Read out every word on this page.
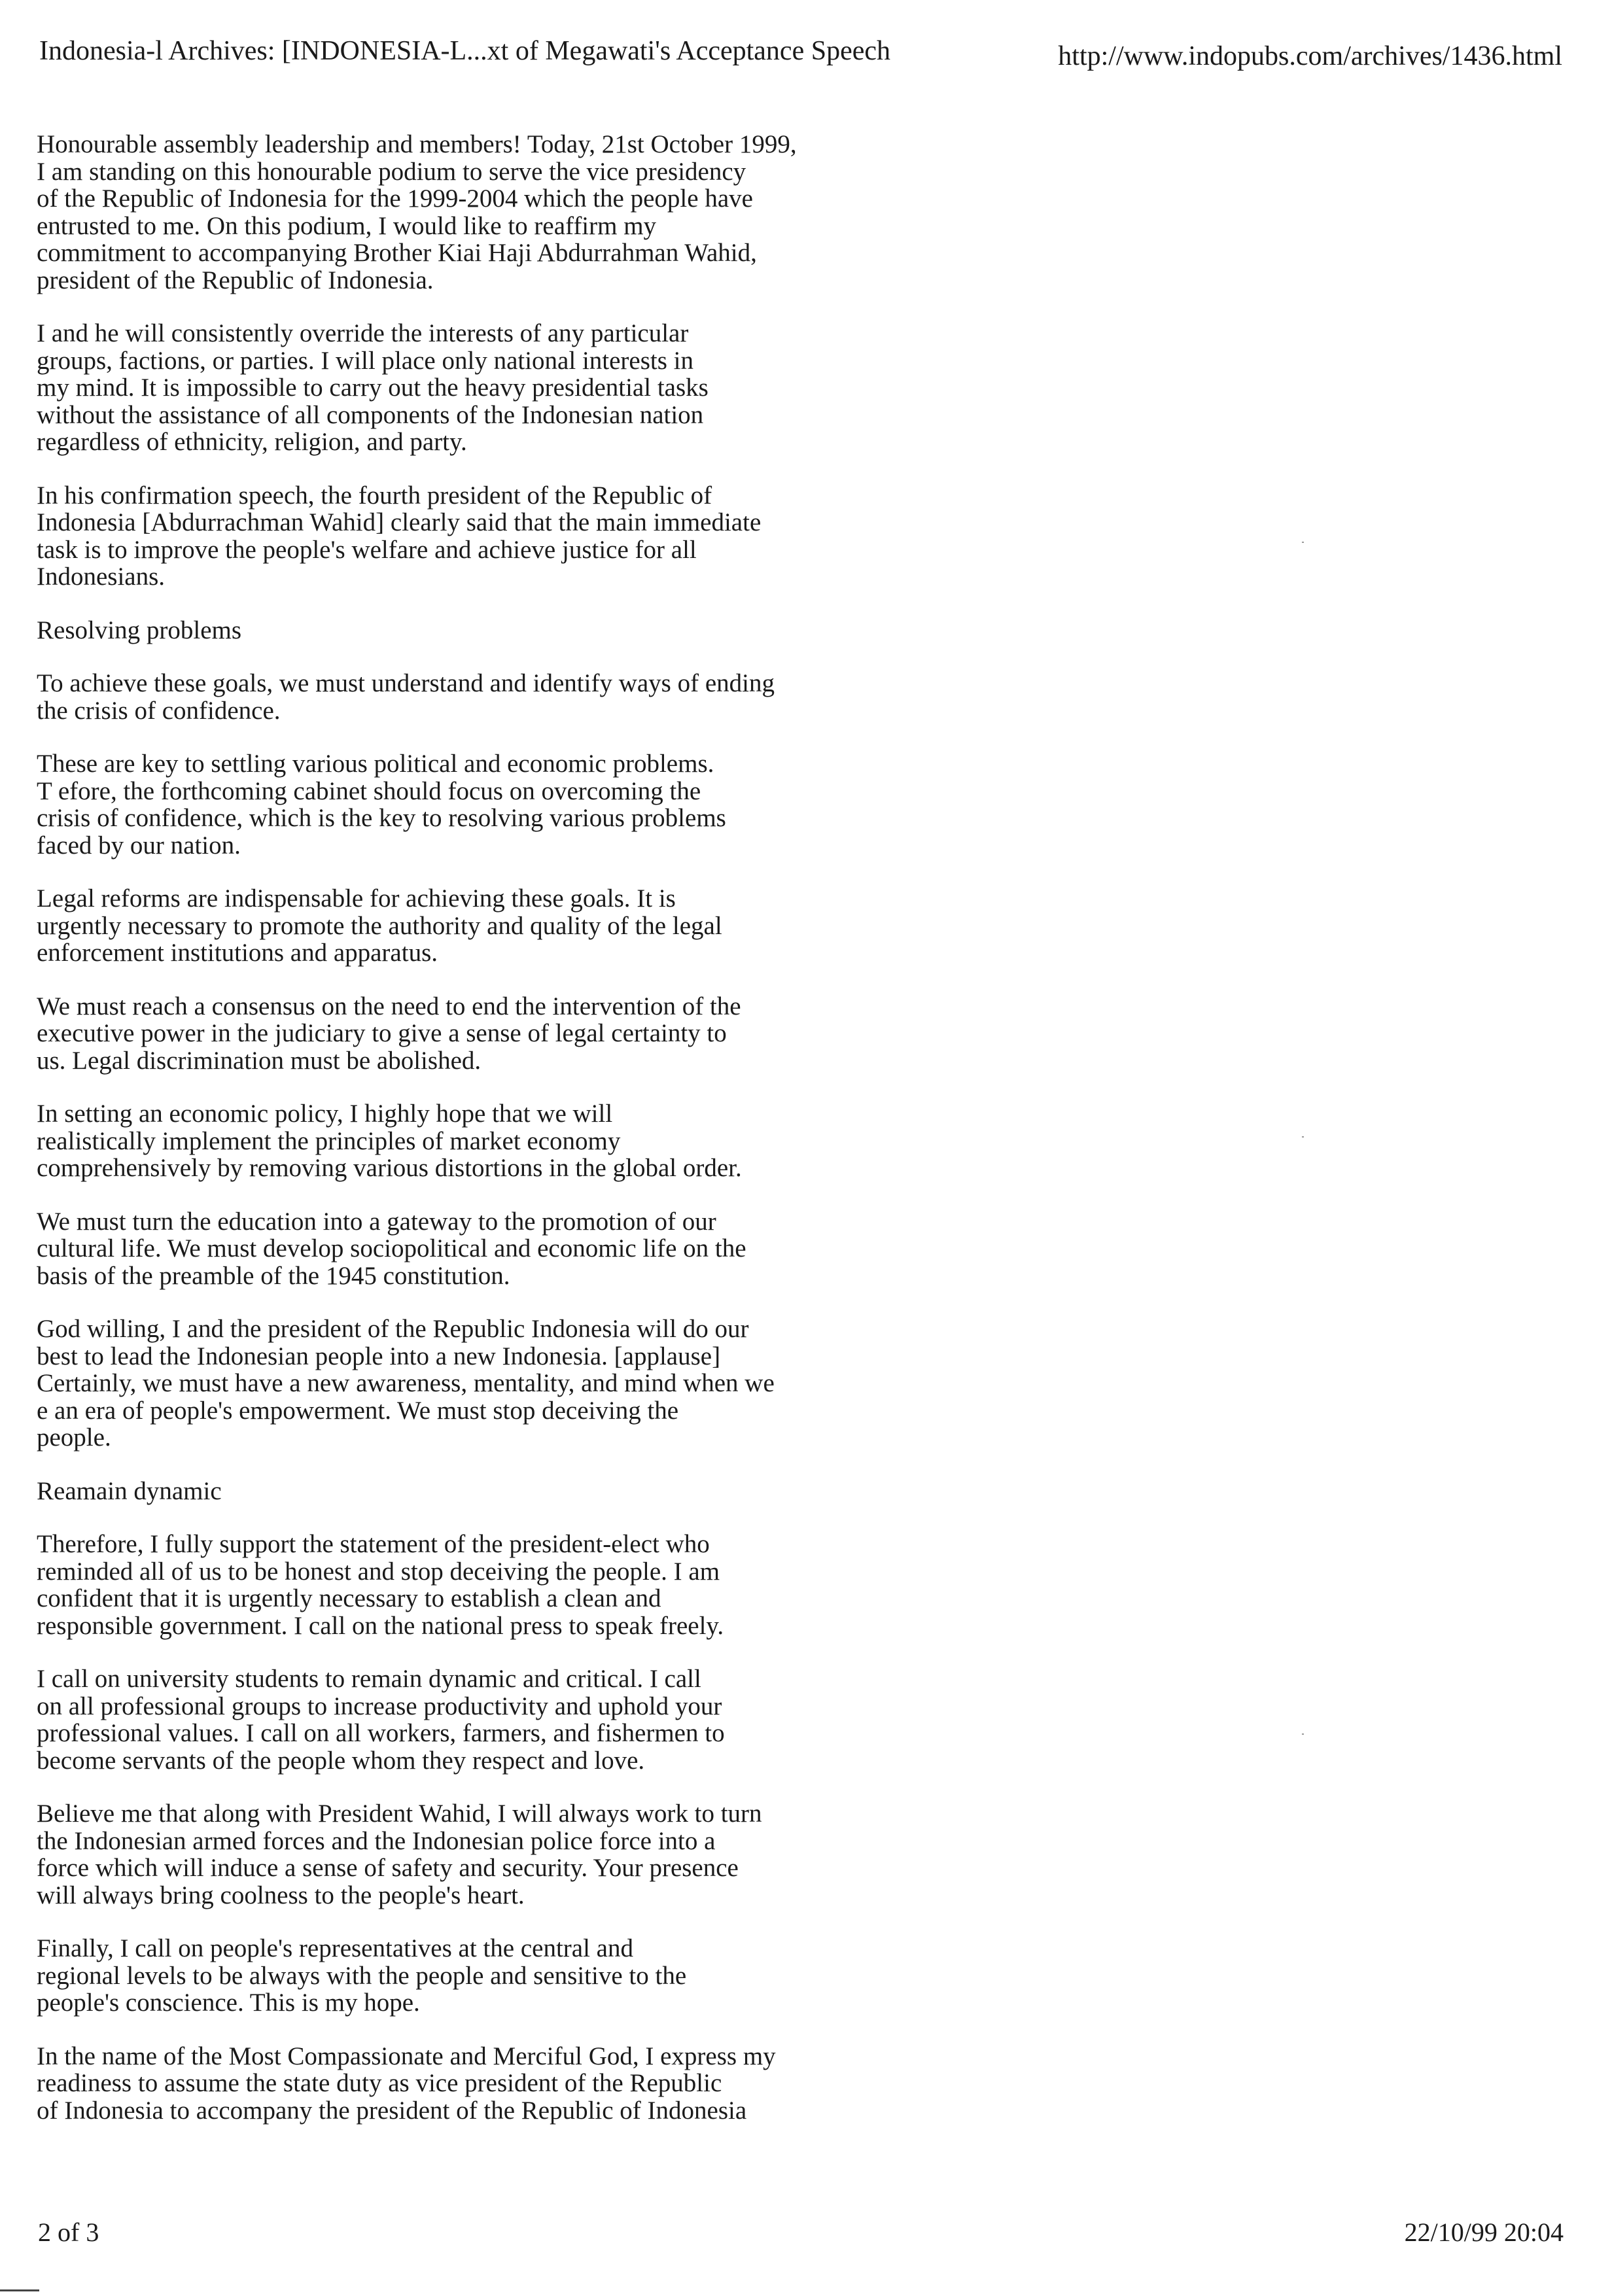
Indonesia-l Archives: [INDONESIA-L...xt of Megawati's Acceptance Speech	http://www.indopubs.com/archives/1436.html

Honourable assembly leadership and members! Today, 21st October 1999,
I am standing on this honourable podium to serve the vice presidency
of the Republic of Indonesia for the 1999-2004 which the people have
entrusted to me. On this podium, I would like to reaffirm my
commitment to accompanying Brother Kiai Haji Abdurrahman Wahid,
president of the Republic of Indonesia.

I and he will consistently override the interests of any particular
groups, factions, or parties. I will place only national interests in
my mind. It is impossible to carry out the heavy presidential tasks
without the assistance of all components of the Indonesian nation
regardless of ethnicity, religion, and party.

In his confirmation speech, the fourth president of the Republic of
Indonesia [Abdurrachman Wahid] clearly said that the main immediate
task is to improve the people's welfare and achieve justice for all
Indonesians.

Resolving problems

To achieve these goals, we must understand and identify ways of ending
the crisis of confidence.

These are key to settling various political and economic problems.
T efore, the forthcoming cabinet should focus on overcoming the
crisis of confidence, which is the key to resolving various problems
faced by our nation.

Legal reforms are indispensable for achieving these goals. It is
urgently necessary to promote the authority and quality of the legal
enforcement institutions and apparatus.

We must reach a consensus on the need to end the intervention of the
executive power in the judiciary to give a sense of legal certainty to
us. Legal discrimination must be abolished.

In setting an economic policy, I highly hope that we will
realistically implement the principles of market economy
comprehensively by removing various distortions in the global order.

We must turn the education into a gateway to the promotion of our
cultural life. We must develop sociopolitical and economic life on the
basis of the preamble of the 1945 constitution.

God willing, I and the president of the Republic Indonesia will do our
best to lead the Indonesian people into a new Indonesia. [applause]
Certainly, we must have a new awareness, mentality, and mind when we
e an era of people's empowerment. We must stop deceiving the
people.

Reamain dynamic

Therefore, I fully support the statement of the president-elect who
reminded all of us to be honest and stop deceiving the people. I am
confident that it is urgently necessary to establish a clean and
responsible government. I call on the national press to speak freely.

I call on university students to remain dynamic and critical. I call
on all professional groups to increase productivity and uphold your
professional values. I call on all workers, farmers, and fishermen to
become servants of the people whom they respect and love.

Believe me that along with President Wahid, I will always work to turn
the Indonesian armed forces and the Indonesian police force into a
force which will induce a sense of safety and security. Your presence
will always bring coolness to the people's heart.

Finally, I call on people's representatives at the central and
regional levels to be always with the people and sensitive to the
people's conscience. This is my hope.

In the name of the Most Compassionate and Merciful God, I express my
readiness to assume the state duty as vice president of the Republic
of Indonesia to accompany the president of the Republic of Indonesia

2 of 3	22/10/99 20:04
